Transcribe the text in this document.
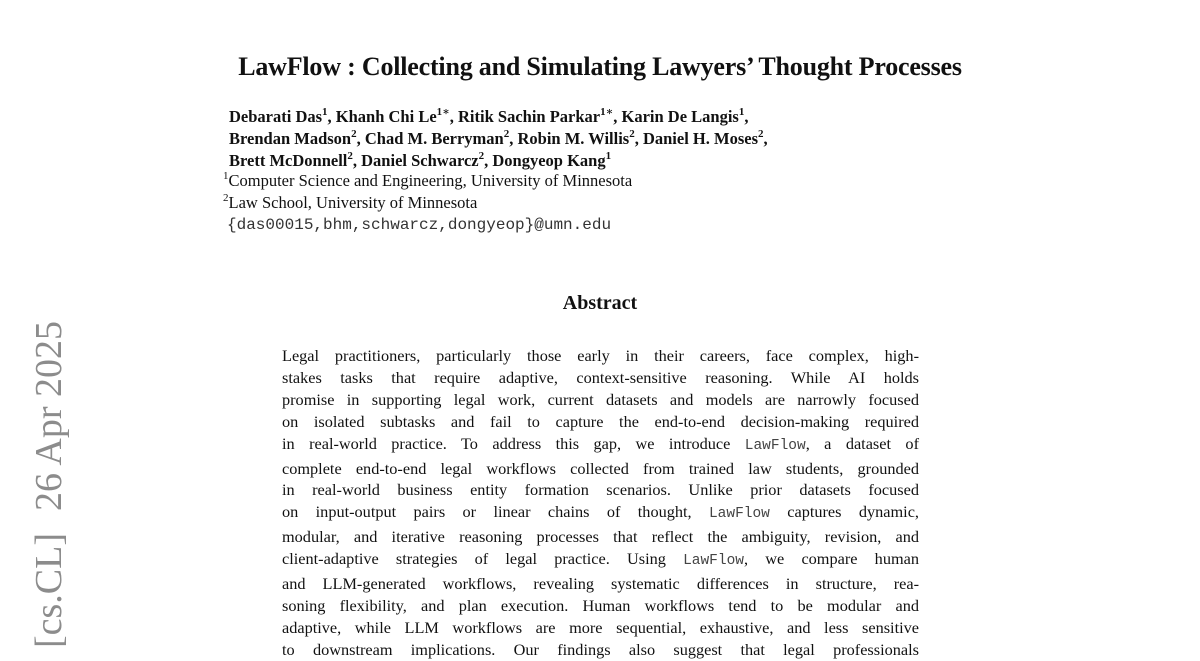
[cs.CL]26 Apr 2025
LawFlow : Collecting and Simulating Lawyers’ Thought Processes
Debarati Das$^1$, Khanh Chi $Le^{1∗}$, Ritik Sachin Parkar$^{1∗}$, Karin De Langis$^1$,
Brendan Madson$^2$, Chad M. Berryman$^2$, Robin M. Willis$^2$, Daniel H. Moses$^2$,
Brett McDonnell$^2$, Daniel Schwarcz$^2$, Dongyeop Kang$^1$
$^1$Computer Science and Engineering, University of Minnesota
$^2$Law School, University of Minnesota
{das00015,bhm,schwarcz,dongyeop}@umn.edu
Abstract
Legal practitioners, particularly those early in their careers, face complex, high-
stakes tasks that require adaptive, context-sensitive reasoning. While AI holds
promise in supporting legal work, current datasets and models are narrowly focused
on isolated subtasks and fail to capture the end-to-end decision-making required
in real-world practice. To address this gap, we introduce LawFlow, a dataset of
complete end-to-end legal workflows collected from trained law students, grounded
in real-world business entity formation scenarios. Unlike prior datasets focused
on input-output pairs or linear chains of thought, LawFlow captures dynamic,
modular, and iterative reasoning processes that reflect the ambiguity, revision, and
client-adaptive strategies of legal practice. Using LawFlow, we compare human
and LLM-generated workflows, revealing systematic differences in structure, rea-
soning flexibility, and plan execution. Human workflows tend to be modular and
adaptive, while LLM workflows are more sequential, exhaustive, and less sensitive
to downstream implications. Our findings also suggest that legal professionals
